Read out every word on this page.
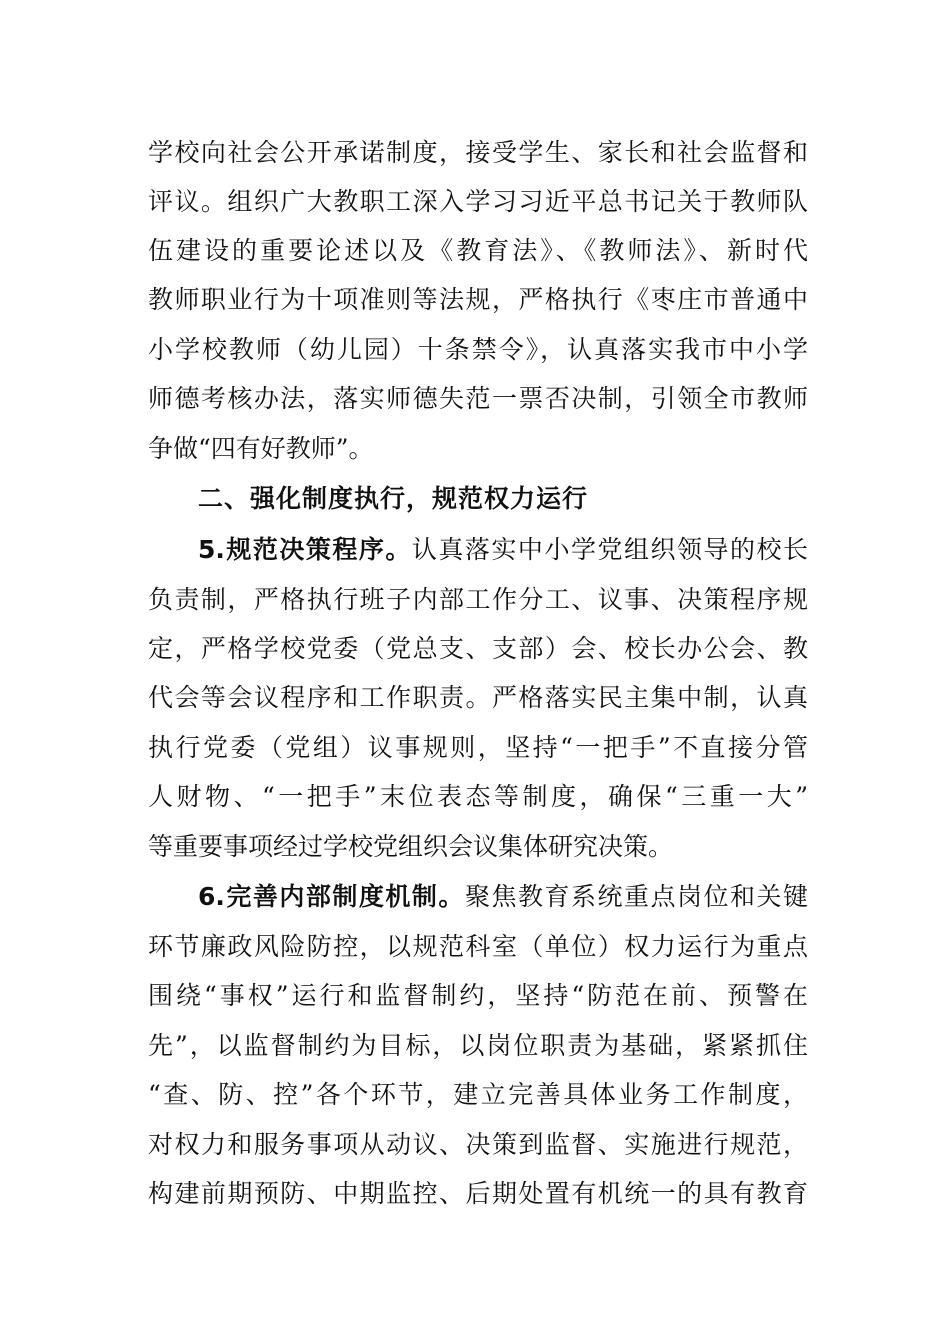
学校向社会公开承诺制度，接受学生、家长和社会监督和
评议。组织广大教职工深入学习习近平总书记关于教师队
伍建设的重要论述以及《教育法》、《教师法》、新时代
教师职业行为十项准则等法规，严格执行《枣庄市普通中
小学校教师（幼儿园）十条禁令》，认真落实我市中小学
师德考核办法，落实师德失范一票否决制，引领全市教师
争做“四有好教师”。
二、强化制度执行，规范权力运行
5.规范决策程序。认真落实中小学党组织领导的校长
负责制，严格执行班子内部工作分工、议事、决策程序规
定，严格学校党委（党总支、支部）会、校长办公会、教
代会等会议程序和工作职责。严格落实民主集中制，认真
执行党委（党组）议事规则，坚持“一把手”不直接分管
人财物、“一把手”末位表态等制度，确保“三重一大”
等重要事项经过学校党组织会议集体研究决策。
6.完善内部制度机制。聚焦教育系统重点岗位和关键
环节廉政风险防控，以规范科室（单位）权力运行为重点
围绕“事权”运行和监督制约，坚持“防范在前、预警在
先”，以监督制约为目标，以岗位职责为基础，紧紧抓住
“查、防、控”各个环节，建立完善具体业务工作制度，
对权力和服务事项从动议、决策到监督、实施进行规范，
构建前期预防、中期监控、后期处置有机统一的具有教育
